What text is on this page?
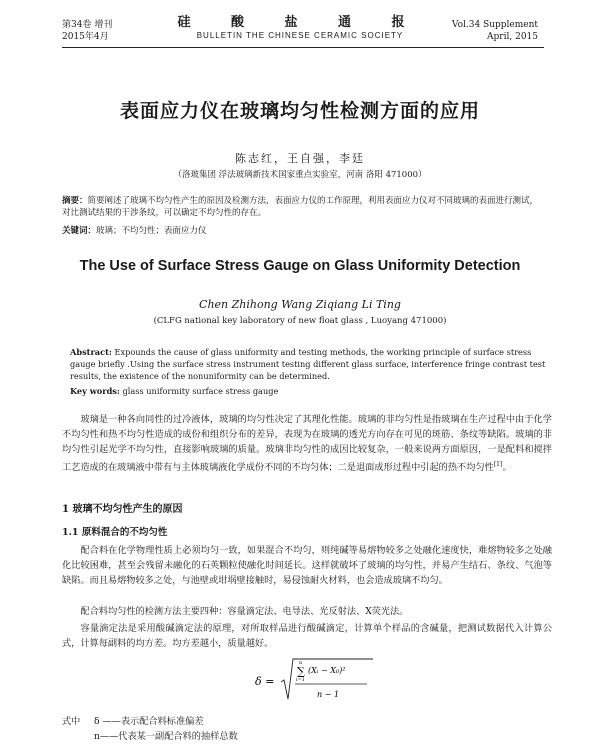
第34卷 增刊
2015年4月
硅 酸 盐 通 报
BULLETIN THE CHINESE CERAMIC SOCIETY
Vol.34 Supplement
April, 2015
表面应力仪在玻璃均匀性检测方面的应用
陈志红，王自强，李廷
（洛玻集团 浮法玻璃新技术国家重点实验室，河南 洛阳 471000）
摘要：简要阐述了玻璃不均匀性产生的原因及检测方法，表面应力仪的工作原理，利用表面应力仪对不同玻璃的表面进行测试，对比测试结果的干涉条纹，可以确定不均匀性的存在。
关键词：玻璃；不均匀性；表面应力仪
The Use of Surface Stress Gauge on Glass Uniformity Detection
Chen Zhihong Wang Ziqiang Li Ting
(CLFG national key laboratory of new float glass , Luoyang 471000)
Abstract: Expounds the cause of glass uniformity and testing methods, the working principle of surface stress gauge briefly .Using the surface stress instrument testing different glass surface, interference fringe contrast test results, the existence of the nonuniformity can be determined.
Key words: glass uniformity surface stress gauge
玻璃是一种各向同性的过冷液体，玻璃的均匀性决定了其理化性能。玻璃的非均匀性是指玻璃在生产过程中由于化学不均匀性和热不均匀性造成的成份和组织分布的差异，表现为在玻璃的透光方向存在可见的斑筋、条纹等缺陷。玻璃的非均匀性引起光学不均匀性，直接影响玻璃的质量。玻璃非均匀性的成因比较复杂，一般来说两方面原因，一是配料和搅拌工艺造成的在玻璃液中带有与主体玻璃液化学成份不同的不均匀体；二是退面成形过程中引起的热不均匀性[1]。
1 玻璃不均匀性产生的原因
1.1 原料混合的不均匀性
配合料在化学物理性质上必须均匀一致，如果混合不均匀，则纯碱等易熔物较多之处融化速度快，难熔物较多之处融化比较困难，甚至会残留未融化的石英颗粒使融化时间延长。这样就破坏了玻璃的均匀性，并易产生结石、条纹、气泡等缺陷。而且易熔物较多之处，与池壁或坩埚壁接触时，易侵蚀耐火材料，也会造成玻璃不均匀。
配合料均匀性的检测方法主要四种：容量滴定法、电导法、光反射法、X荧光法。
容量滴定法是采用酸碱滴定法的原理，对所取样品进行酸碱滴定，计算单个样品的含碱量，把测试数据代入计算公式，计算每副料的均方差。均方差越小，质量越好。
δ =
n
∑
i=1
(Xᵢ − X₀)²
n − 1
式中 δ ——表示配合料标准偏差
n——代表某一副配合料的抽样总数
